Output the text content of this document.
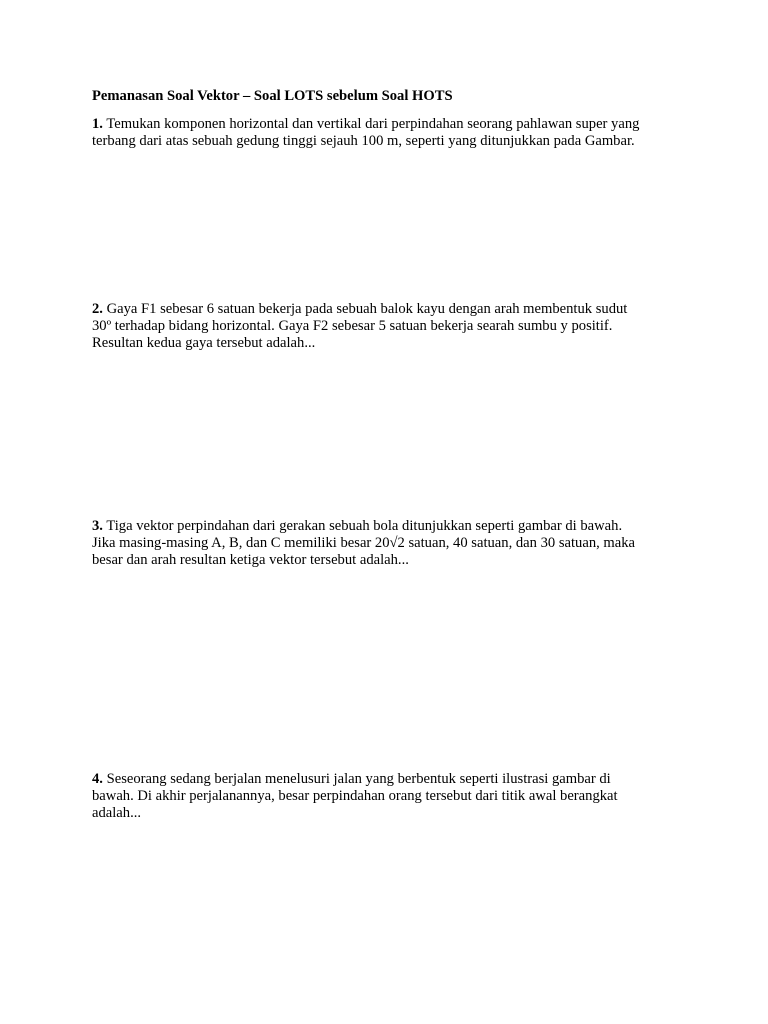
Pemanasan Soal Vektor – Soal LOTS sebelum Soal HOTS
1. Temukan komponen horizontal dan vertikal dari perpindahan seorang pahlawan super yang
terbang dari atas sebuah gedung tinggi sejauh 100 m, seperti yang ditunjukkan pada Gambar.
2. Gaya F1 sebesar 6 satuan bekerja pada sebuah balok kayu dengan arah membentuk sudut
30º terhadap bidang horizontal. Gaya F2 sebesar 5 satuan bekerja searah sumbu y positif.
Resultan kedua gaya tersebut adalah...
3. Tiga vektor perpindahan dari gerakan sebuah bola ditunjukkan seperti gambar di bawah.
Jika masing-masing A, B, dan C memiliki besar 20√2 satuan, 40 satuan, dan 30 satuan, maka
besar dan arah resultan ketiga vektor tersebut adalah...
4. Seseorang sedang berjalan menelusuri jalan yang berbentuk seperti ilustrasi gambar di
bawah. Di akhir perjalanannya, besar perpindahan orang tersebut dari titik awal berangkat
adalah...
